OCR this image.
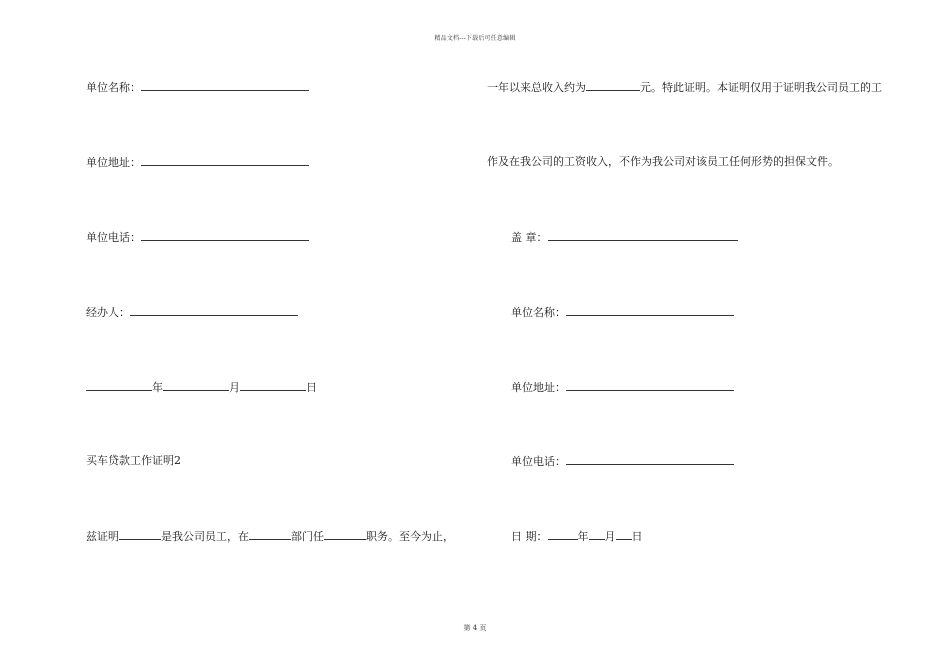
精品文档---下载后可任意编辑
单位名称：
单位地址：
单位电话：
经办人：
年	月	日
买车贷款工作证明2
兹证明	是我公司员工，在	部门任	职务。至今为止，
一年以来总收入约为	元。特此证明。本证明仅用于证明我公司员工的工
作及在我公司的工资收入，不作为我公司对该员工任何形势的担保文件。
盖 章：
单位名称：
单位地址：
单位电话：
日 期：	年 月 日
第 4 页
